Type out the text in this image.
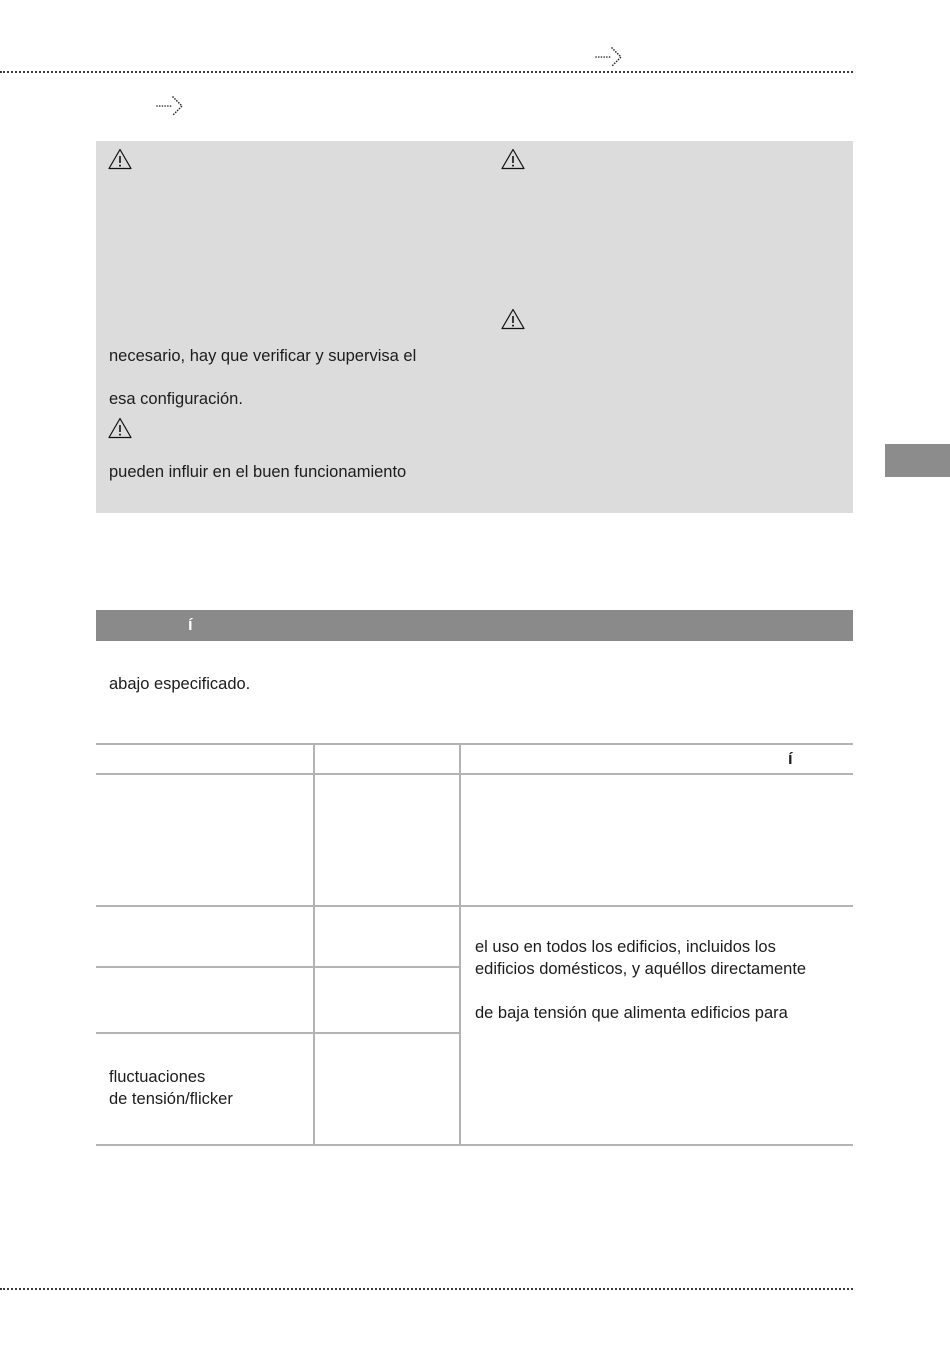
necesario, hay que verificar y supervisa el
esa configuración.
pueden influir en el buen funcionamiento
í
abajo especificado.
í
el uso en todos los edificios, incluidos los
edificios domésticos, y aquéllos directamente
de baja tensión que alimenta edificios para
fluctuaciones
de tensión/flicker
